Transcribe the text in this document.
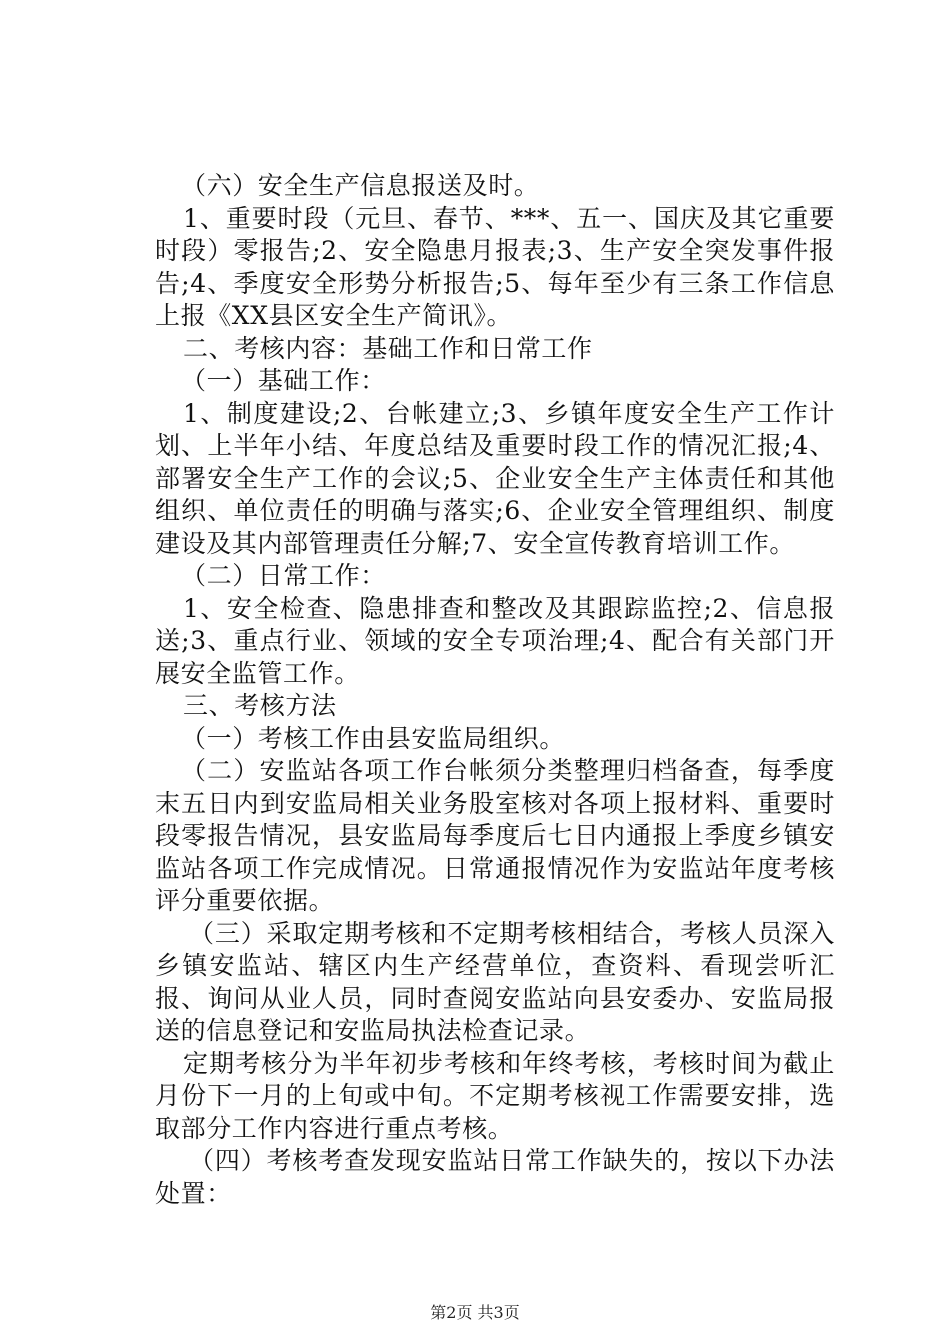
（六）安全生产信息报送及时。

1、重要时段（元旦、春节、***、五一、国庆及其它重要时段）零报告;2、安全隐患月报表;3、生产安全突发事件报告;4、季度安全形势分析报告;5、每年至少有三条工作信息上报《XX县区安全生产简讯》。

二、考核内容：基础工作和日常工作

（一）基础工作：

1、制度建设;2、台帐建立;3、乡镇年度安全生产工作计划、上半年小结、年度总结及重要时段工作的情况汇报;4、部署安全生产工作的会议;5、企业安全生产主体责任和其他组织、单位责任的明确与落实;6、企业安全管理组织、制度建设及其内部管理责任分解;7、安全宣传教育培训工作。

（二）日常工作：

1、安全检查、隐患排查和整改及其跟踪监控;2、信息报送;3、重点行业、领域的安全专项治理;4、配合有关部门开展安全监管工作。

三、考核方法

（一）考核工作由县安监局组织。

（二）安监站各项工作台帐须分类整理归档备查，每季度末五日内到安监局相关业务股室核对各项上报材料、重要时段零报告情况，县安监局每季度后七日内通报上季度乡镇安监站各项工作完成情况。日常通报情况作为安监站年度考核评分重要依据。

（三）采取定期考核和不定期考核相结合，考核人员深入乡镇安监站、辖区内生产经营单位，查资料、看现尝听汇报、询问从业人员，同时查阅安监站向县安委办、安监局报送的信息登记和安监局执法检查记录。

定期考核分为半年初步考核和年终考核，考核时间为截止月份下一月的上旬或中旬。不定期考核视工作需要安排，选取部分工作内容进行重点考核。

（四）考核考查发现安监站日常工作缺失的，按以下办法处置：

第2页 共3页
